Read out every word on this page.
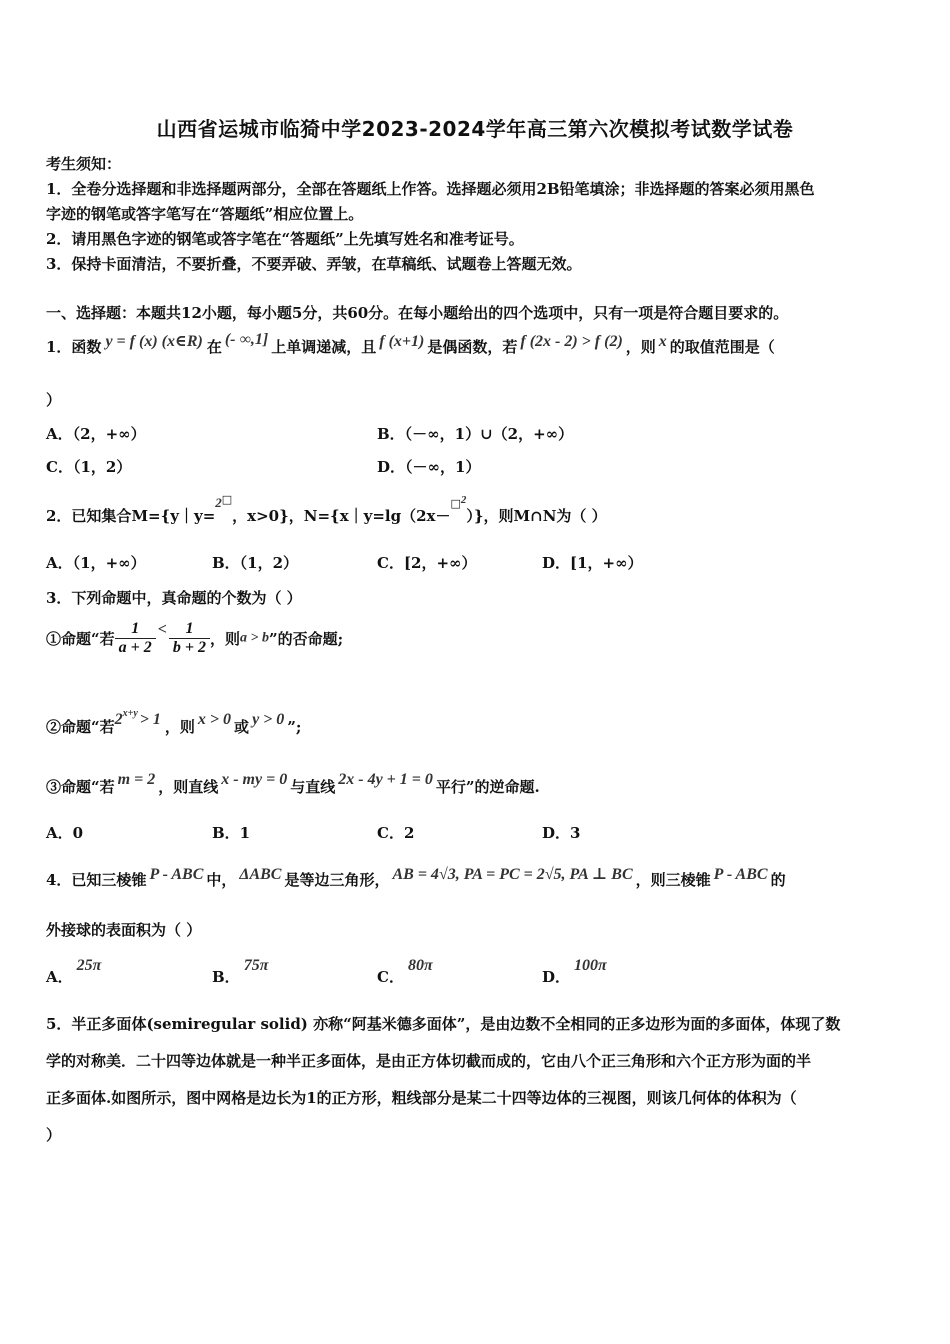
山西省运城市临猗中学2023-2024学年高三第六次模拟考试数学试卷
考生须知：
1．全卷分选择题和非选择题两部分，全部在答题纸上作答。选择题必须用2B铅笔填涂；非选择题的答案必须用黑色
字迹的钢笔或答字笔写在“答题纸”相应位置上。
2．请用黑色字迹的钢笔或答字笔在“答题纸”上先填写姓名和准考证号。
3．保持卡面清洁，不要折叠，不要弄破、弄皱，在草稿纸、试题卷上答题无效。
一、选择题：本题共12小题，每小题5分，共60分。在每小题给出的四个选项中，只有一项是符合题目要求的。
1．函数 y = f (x) (x∈R) 在 (- ∞,1] 上单调递减，且 f (x+1) 是偶函数，若 f (2x - 2) > f (2) ，则 x 的取值范围是（
）
A．（2，+∞）	B．（－∞，1）∪（2，+∞）
C．（1，2）	D．（－∞，1）
2．已知集合M={y｜y=2□，x>0}，N={x｜y=lg（2x－$^{□2}$）}，则M∩N为（ ）
A．（1，+∞）	B．（1，2）	C．[2，+∞）	D．[1，+∞）
3．下列命题中，真命题的个数为（ ）
①命题“若 $\frac{1}{a + 2} < \frac{1}{b + 2}$ ，则a > b”的否命题;
②命题“若$2^{x+y} > 1$ ，则 x > 0 或 y > 0 ”;
③命题“若 m = 2 ，则直线 x - my = 0 与直线 2x - 4y + 1 = 0 平行”的逆命题.
A．0	B．1	C．2	D．3
4．已知三棱锥 P - ABC 中， ΔABC 是等边三角形， AB = 4√3, PA = PC = 2√5, PA ⊥ BC ，则三棱锥 P - ABC 的
外接球的表面积为（ ）
A．25π
B．75π
C．80π
D．100π
5．半正多面体(semiregular solid) 亦称“阿基米德多面体”，是由边数不全相同的正多边形为面的多面体，体现了数
学的对称美．二十四等边体就是一种半正多面体，是由正方体切截而成的，它由八个正三角形和六个正方形为面的半
正多面体.如图所示，图中网格是边长为1的正方形，粗线部分是某二十四等边体的三视图，则该几何体的体积为（
）
